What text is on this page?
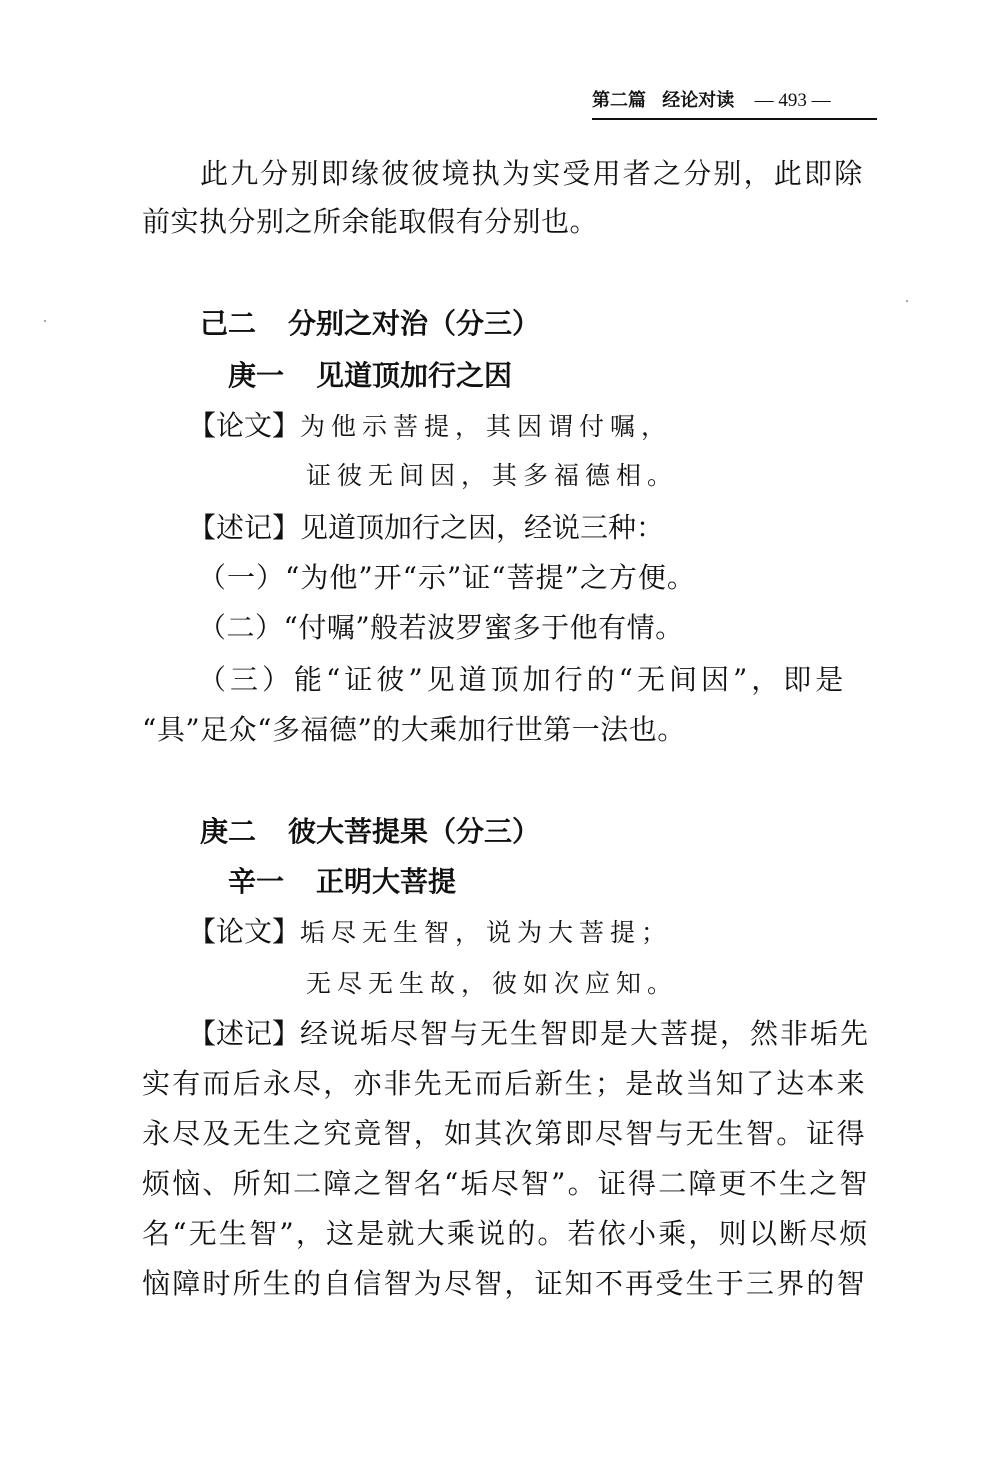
第二篇 经论对读 — 493 —
此九分别即缘彼彼境执为实受用者之分别，此即除
前实执分别之所余能取假有分别也。
己二 分别之对治（分三）
庚一 见道顶加行之因
【论文】为他示菩提，其因谓付嘱，
证彼无间因，其多福德相。
【述记】见道顶加行之因，经说三种：
（一）“为他”开“示”证“菩提”之方便。
（二）“付嘱”般若波罗蜜多于他有情。
（三）能“证彼”见道顶加行的“无间因”，即是
“具”足众“多福德”的大乘加行世第一法也。
庚二 彼大菩提果（分三）
辛一 正明大菩提
【论文】垢尽无生智，说为大菩提；
无尽无生故，彼如次应知。
【述记】经说垢尽智与无生智即是大菩提，然非垢先
实有而后永尽，亦非先无而后新生；是故当知了达本来
永尽及无生之究竟智，如其次第即尽智与无生智。证得
烦恼、所知二障之智名“垢尽智”。证得二障更不生之智
名“无生智”，这是就大乘说的。若依小乘，则以断尽烦
恼障时所生的自信智为尽智，证知不再受生于三界的智
